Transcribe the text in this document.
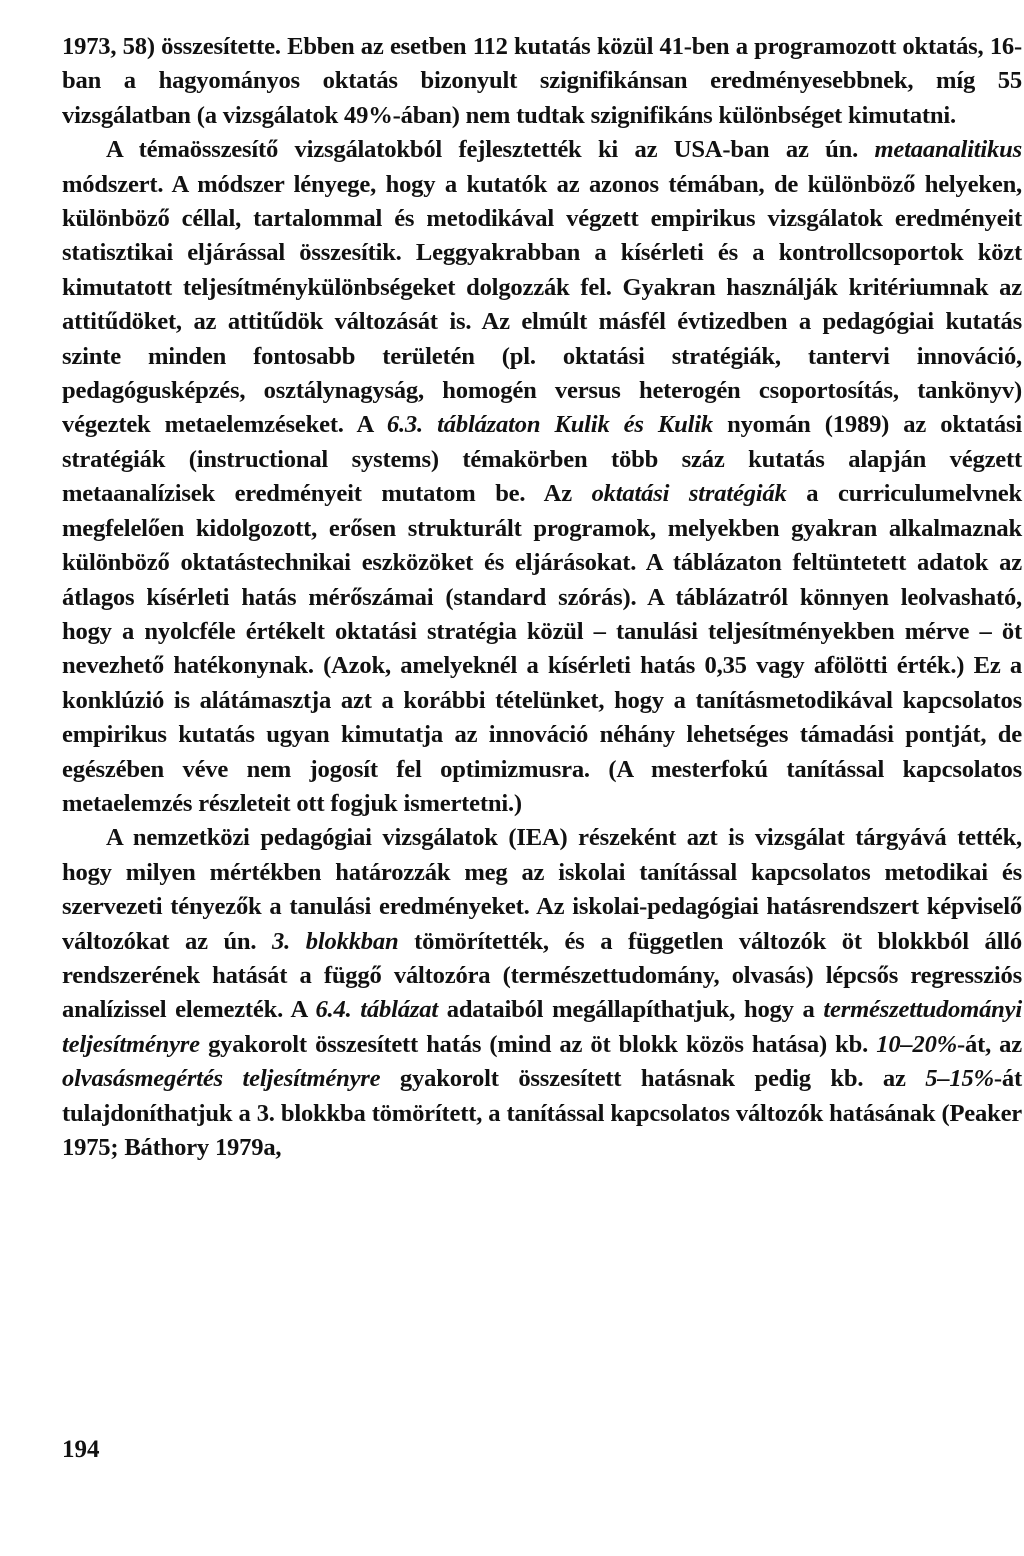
1973, 58) összesítette. Ebben az esetben 112 kutatás közül 41-ben a programozott oktatás, 16-ban a hagyományos oktatás bizonyult szignifikánsan eredményesebbnek, míg 55 vizsgálatban (a vizsgálatok 49%-ában) nem tudtak szignifikáns különbséget kimutatni.

A témaösszesítő vizsgálatokból fejlesztették ki az USA-ban az ún. metaanalitikus módszert. A módszer lényege, hogy a kutatók az azonos témában, de különböző helyeken, különböző céllal, tartalommal és metodikával végzett empirikus vizsgálatok eredményeit statisztikai eljárással összesítik. Leggyakrabban a kísérleti és a kontrollcsoportok közt kimutatott teljesítménykülönbségeket dolgozzák fel. Gyakran használják kritériumnak az attitűdöket, az attitűdök változását is. Az elmúlt másfél évtizedben a pedagógiai kutatás szinte minden fontosabb területén (pl. oktatási stratégiák, tantervi innováció, pedagógusképzés, osztálynagyság, homogén versus heterogén csoportosítás, tankönyv) végeztek metaelemzéseket. A 6.3. táblázaton Kulik és Kulik nyomán (1989) az oktatási stratégiák (instructional systems) témakörben több száz kutatás alapján végzett metaanalízisek eredményeit mutatom be. Az oktatási stratégiák a curriculumelvnek megfelelően kidolgozott, erősen strukturált programok, melyekben gyakran alkalmaznak különböző oktatástechnikai eszközöket és eljárásokat. A táblázaton feltüntetett adatok az átlagos kísérleti hatás mérőszámai (standard szórás). A táblázatról könnyen leolvasható, hogy a nyolcféle értékelt oktatási stratégia közül – tanulási teljesítményekben mérve – öt nevezhető hatékonynak. (Azok, amelyeknél a kísérleti hatás 0,35 vagy afölötti érték.) Ez a konklúzió is alátámasztja azt a korábbi tételünket, hogy a tanításmetodikával kapcsolatos empirikus kutatás ugyan kimutatja az innováció néhány lehetséges támadási pontját, de egészében véve nem jogosít fel optimizmusra. (A mesterfokú tanítással kapcsolatos metaelemzés részleteit ott fogjuk ismertetni.)

A nemzetközi pedagógiai vizsgálatok (IEA) részeként azt is vizsgálat tárgyává tették, hogy milyen mértékben határozzák meg az iskolai tanítással kapcsolatos metodikai és szervezeti tényezők a tanulási eredményeket. Az iskolai-pedagógiai hatásrendszert képviselő változókat az ún. 3. blokkban tömörítették, és a független változók öt blokkból álló rendszerének hatását a függő változóra (természettudomány, olvasás) lépcsős regressziós analízissel elemezték. A 6.4. táblázat adataiból megállapíthatjuk, hogy a természettudományi teljesítményre gyakorolt összesített hatás (mind az öt blokk közös hatása) kb. 10–20%-át, az olvasásmegértés teljesítményre gyakorolt összesített hatásnak pedig kb. az 5–15%-át tulajdoníthatjuk a 3. blokkba tömörített, a tanítással kapcsolatos változók hatásának (Peaker 1975; Báthory 1979a,

194
